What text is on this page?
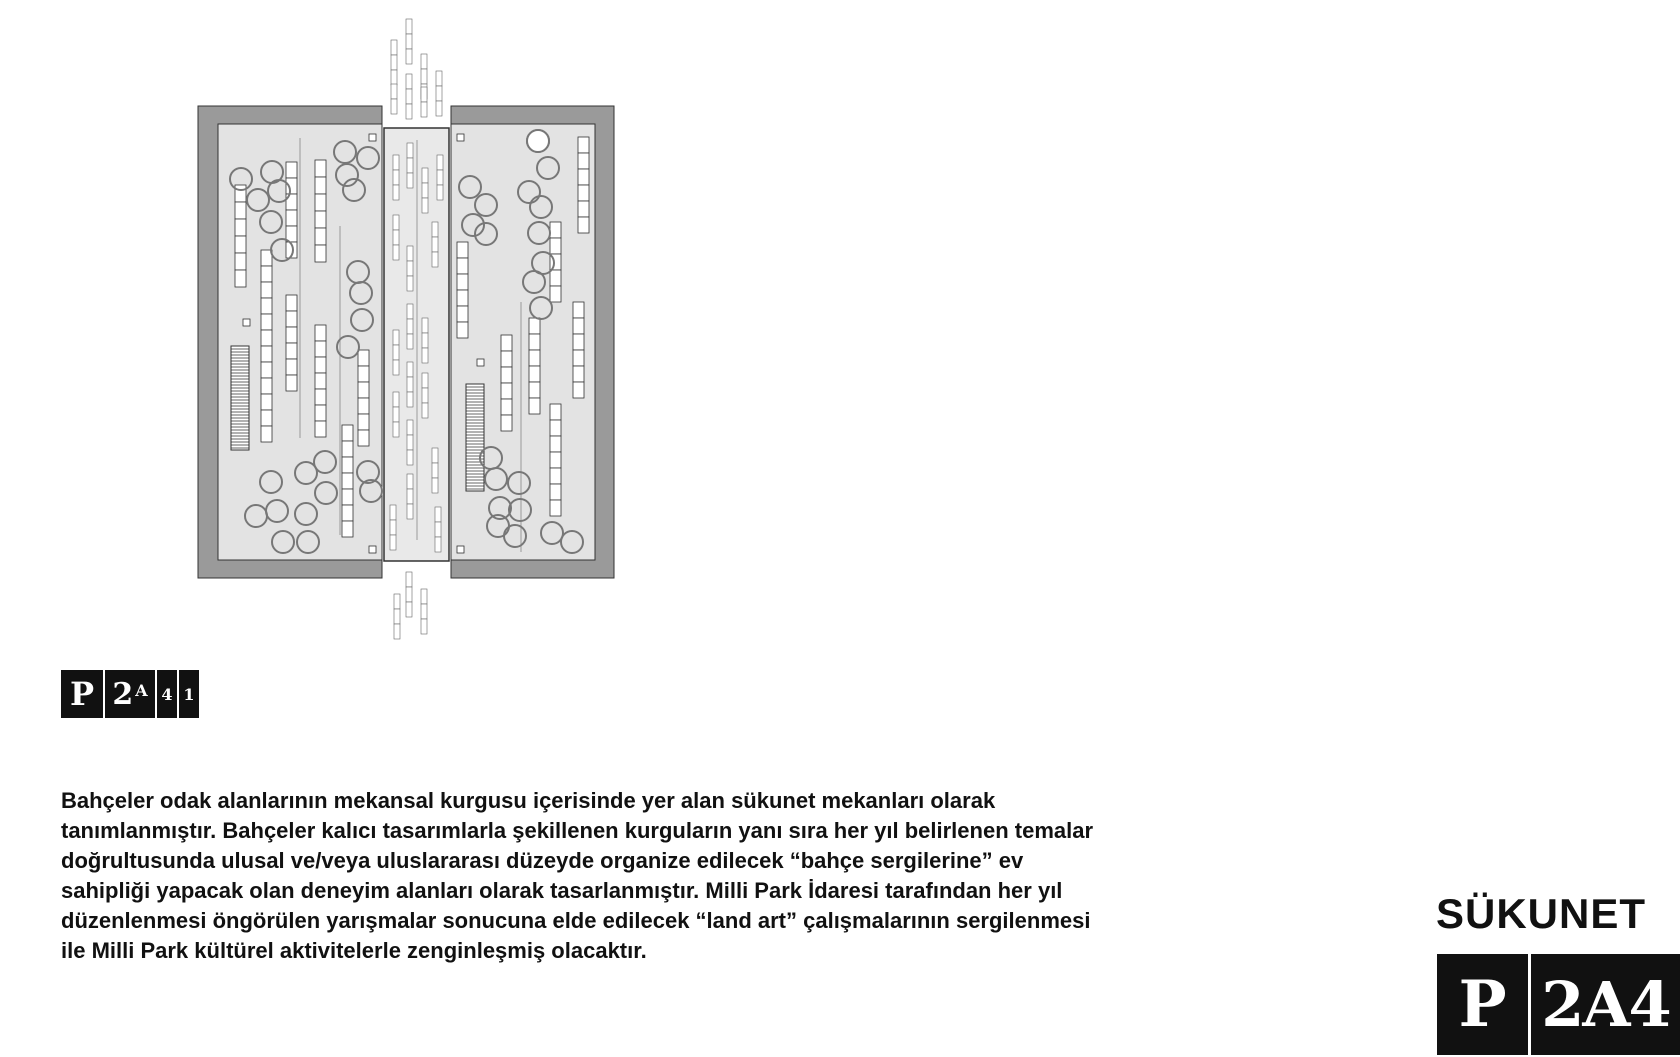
P $2^A$ 4 1

Bahçeler odak alanlarının mekansal kurgusu içerisinde yer alan sükunet mekanları olarak
tanımlanmıştır. Bahçeler kalıcı tasarımlarla şekillenen kurguların yanı sıra her yıl belirlenen temalar
doğrultusunda ulusal ve/veya uluslararası düzeyde organize edilecek “bahçe sergilerine” ev
sahipliği yapacak olan deneyim alanları olarak tasarlanmıştır. Milli Park İdaresi tarafından her yıl
düzenlenmesi öngörülen yarışmalar sonucuna elde edilecek “land art” çalışmalarının sergilenmesi
ile Milli Park kültürel aktivitelerle zenginleşmiş olacaktır.

SÜKUNET
P 2A4
